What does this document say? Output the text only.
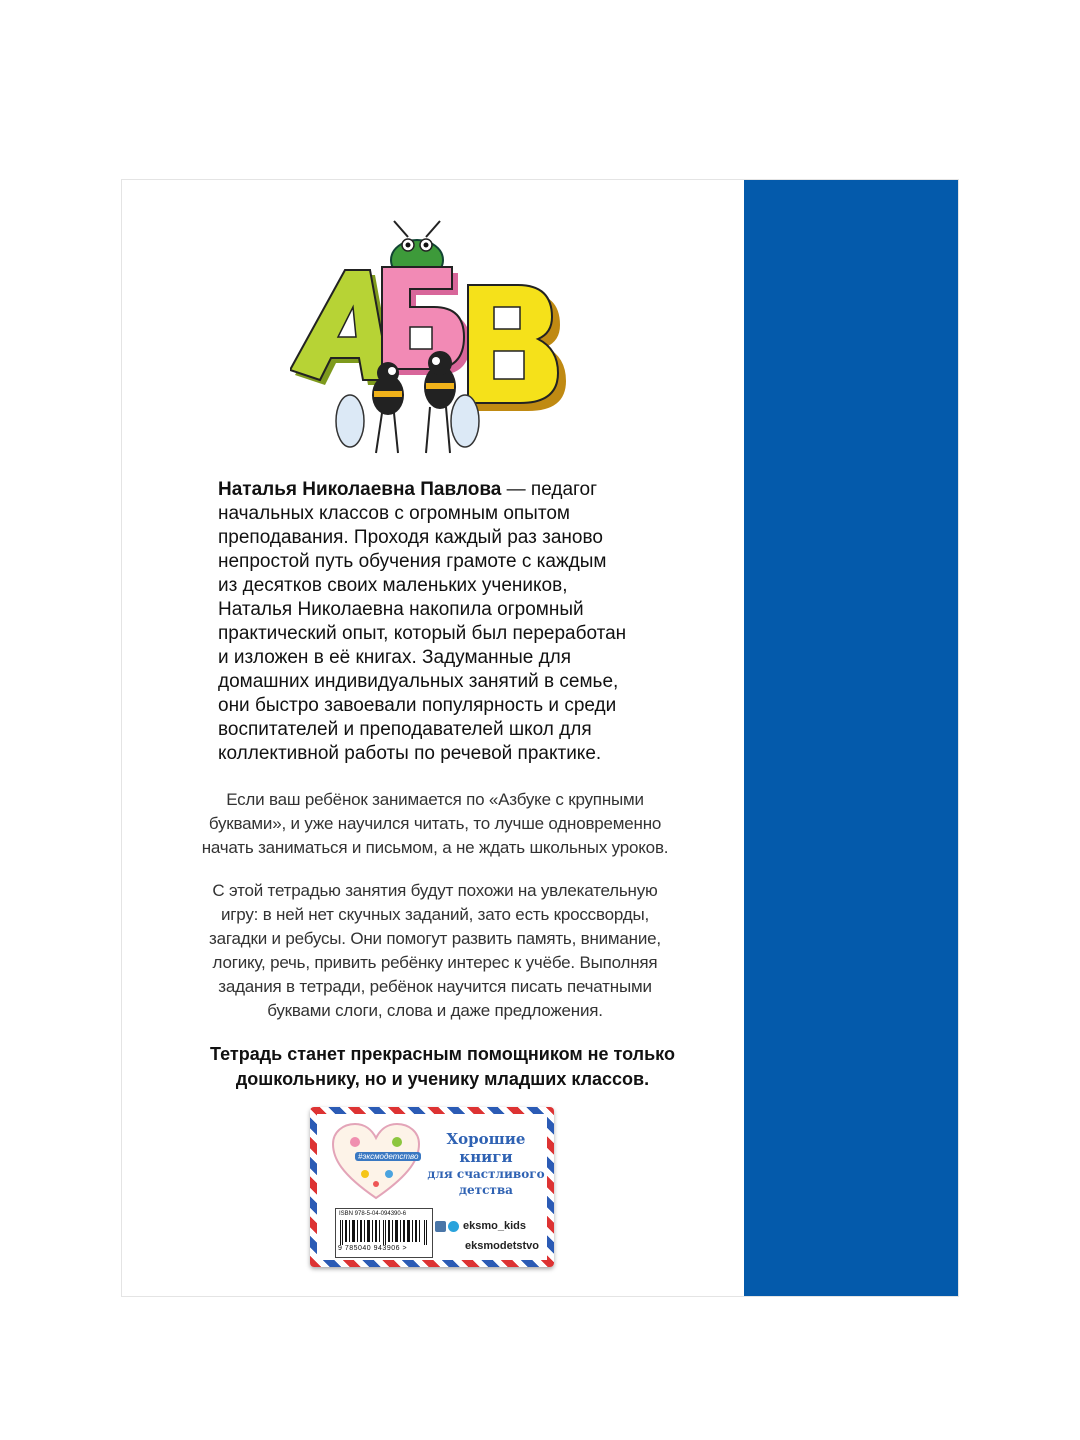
Наталья Николаевна Павлова — педагог
начальных классов с огромным опытом
преподавания. Проходя каждый раз заново
непростой путь обучения грамоте с каждым
из десятков своих маленьких учеников,
Наталья Николаевна накопила огромный
практический опыт, который был переработан
и изложен в её книгах. Задуманные для
домашних индивидуальных занятий в семье,
они быстро завоевали популярность и среди
воспитателей и преподавателей школ для
коллективной работы по речевой практике.

Если ваш ребёнок занимается по «Азбуке с крупными
буквами», и уже научился читать, то лучше одновременно
начать заниматься и письмом, а не ждать школьных уроков.

С этой тетрадью занятия будут похожи на увлекательную
игру: в ней нет скучных заданий, зато есть кроссворды,
загадки и ребусы. Они помогут развить память, внимание,
логику, речь, привить ребёнку интерес к учёбе. Выполняя
задания в тетради, ребёнок научится писать печатными
буквами слоги, слова и даже предложения.

Тетрадь станет прекрасным помощником не только
дошкольнику, но и ученику младших классов.

#эксмодетство

Хорошие
книги
для счастливого
детства

ISBN 978-5-04-094390-6
9 785040 943906 >
eksmo_kids
eksmodetstvo
